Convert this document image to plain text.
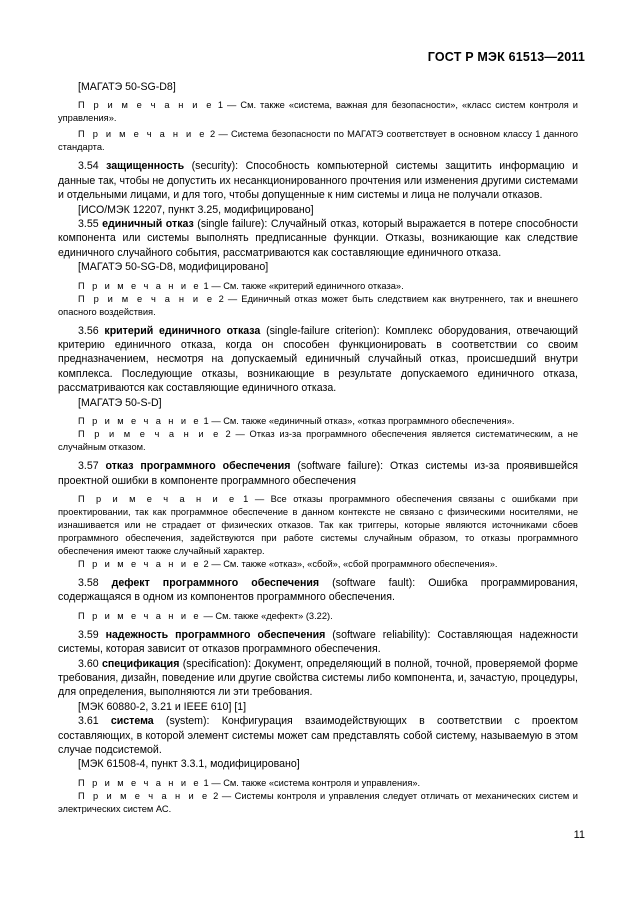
ГОСТ Р МЭК 61513—2011

[МАГАТЭ 50-SG-D8]

П р и м е ч а н и е 1 — См. также «система, важная для безопасности», «класс систем контроля и управления».

П р и м е ч а н и е 2 — Система безопасности по МАГАТЭ соответствует в основном классу 1 данного стандарта.

3.54 защищенность (security): Способность компьютерной системы защитить информацию и данные так, чтобы не допустить их несанкционированного прочтения или изменения другими системами и отдельными лицами, и для того, чтобы допущенные к ним системы и лица не получали отказов.

[ИСО/МЭК 12207, пункт 3.25, модифицировано]

3.55 единичный отказ (single failure): Случайный отказ, который выражается в потере способности компонента или системы выполнять предписанные функции. Отказы, возникающие как следствие единичного случайного события, рассматриваются как составляющие единичного отказа.

[МАГАТЭ 50-SG-D8, модифицировано]

П р и м е ч а н и е 1 — См. также «критерий единичного отказа».

П р и м е ч а н и е 2 — Единичный отказ может быть следствием как внутреннего, так и внешнего опасного воздействия.

3.56 критерий единичного отказа (single-failure criterion): Комплекс оборудования, отвечающий критерию единичного отказа, когда он способен функционировать в соответствии со своим предназначением, несмотря на допускаемый единичный случайный отказ, происшедший внутри комплекса. Последующие отказы, возникающие в результате допускаемого единичного отказа, рассматриваются как составляющие единичного отказа.

[МАГАТЭ 50-S-D]

П р и м е ч а н и е 1 — См. также «единичный отказ», «отказ программного обеспечения».

П р и м е ч а н и е 2 — Отказ из-за программного обеспечения является систематическим, а не случайным отказом.

3.57 отказ программного обеспечения (software failure): Отказ системы из-за проявившейся проектной ошибки в компоненте программного обеспечения

П р и м е ч а н и е 1 — Все отказы программного обеспечения связаны с ошибками при проектировании, так как программное обеспечение в данном контексте не связано с физическими носителями, не изнашивается или не страдает от физических отказов. Так как триггеры, которые являются источниками сбоев программного обеспечения, задействуются при работе системы случайным образом, то отказы программного обеспечения имеют также случайный характер.

П р и м е ч а н и е 2 — См. также «отказ», «сбой», «сбой программного обеспечения».

3.58 дефект программного обеспечения (software fault): Ошибка программирования, содержащаяся в одном из компонентов программного обеспечения.

П р и м е ч а н и е — См. также «дефект» (3.22).

3.59 надежность программного обеспечения (software reliability): Составляющая надежности системы, которая зависит от отказов программного обеспечения.

3.60 спецификация (specification): Документ, определяющий в полной, точной, проверяемой форме требования, дизайн, поведение или другие свойства системы либо компонента, и, зачастую, процедуры, для определения, выполняются ли эти требования.

[МЭК 60880-2, 3.21 и IEEE 610] [1]

3.61 система (system): Конфигурация взаимодействующих в соответствии с проектом составляющих, в которой элемент системы может сам представлять собой систему, называемую в этом случае подсистемой.

[МЭК 61508-4, пункт 3.3.1, модифицировано]

П р и м е ч а н и е 1 — См. также «система контроля и управления».

П р и м е ч а н и е 2 — Системы контроля и управления следует отличать от механических систем и электрических систем АС.

11
